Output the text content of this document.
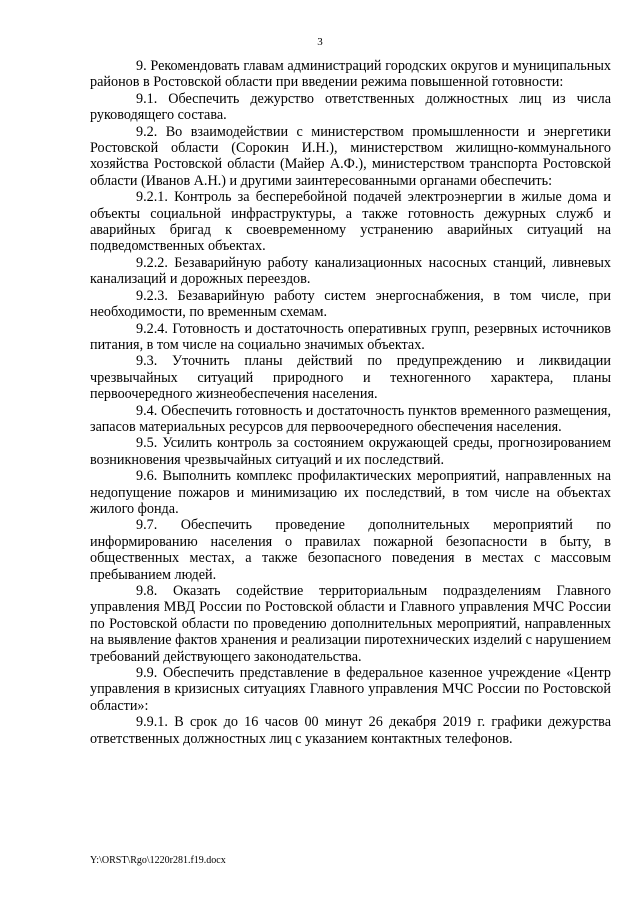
3

9. Рекомендовать главам администраций городских округов и муниципальных районов в Ростовской области при введении режима повышенной готовности:

9.1. Обеспечить дежурство ответственных должностных лиц из числа руководящего состава.

9.2. Во взаимодействии с министерством промышленности и энергетики Ростовской области (Сорокин И.Н.), министерством жилищно-коммунального хозяйства Ростовской области (Майер А.Ф.), министерством транспорта Ростовской области (Иванов А.Н.) и другими заинтересованными органами обеспечить:

9.2.1. Контроль за бесперебойной подачей электроэнергии в жилые дома и объекты социальной инфраструктуры, а также готовность дежурных служб и аварийных бригад к своевременному устранению аварийных ситуаций на подведомственных объектах.

9.2.2. Безаварийную работу канализационных насосных станций, ливневых канализаций и дорожных переездов.

9.2.3. Безаварийную работу систем энергоснабжения, в том числе, при необходимости, по временным схемам.

9.2.4. Готовность и достаточность оперативных групп, резервных источников питания, в том числе на социально значимых объектах.

9.3. Уточнить планы действий по предупреждению и ликвидации чрезвычайных ситуаций природного и техногенного характера, планы первоочередного жизнеобеспечения населения.

9.4. Обеспечить готовность и достаточность пунктов временного размещения, запасов материальных ресурсов для первоочередного обеспечения населения.

9.5. Усилить контроль за состоянием окружающей среды, прогнозированием возникновения чрезвычайных ситуаций и их последствий.

9.6. Выполнить комплекс профилактических мероприятий, направленных на недопущение пожаров и минимизацию их последствий, в том числе на объектах жилого фонда.

9.7. Обеспечить проведение дополнительных мероприятий по информированию населения о правилах пожарной безопасности в быту, в общественных местах, а также безопасного поведения в местах с массовым пребыванием людей.

9.8. Оказать содействие территориальным подразделениям Главного управления МВД России по Ростовской области и Главного управления МЧС России по Ростовской области по проведению дополнительных мероприятий, направленных на выявление фактов хранения и реализации пиротехнических изделий с нарушением требований действующего законодательства.

9.9. Обеспечить представление в федеральное казенное учреждение «Центр управления в кризисных ситуациях Главного управления МЧС России по Ростовской области»:

9.9.1. В срок до 16 часов 00 минут 26 декабря 2019 г. графики дежурства ответственных должностных лиц с указанием контактных телефонов.

Y:\ORST\Rgo\1220r281.f19.docx
